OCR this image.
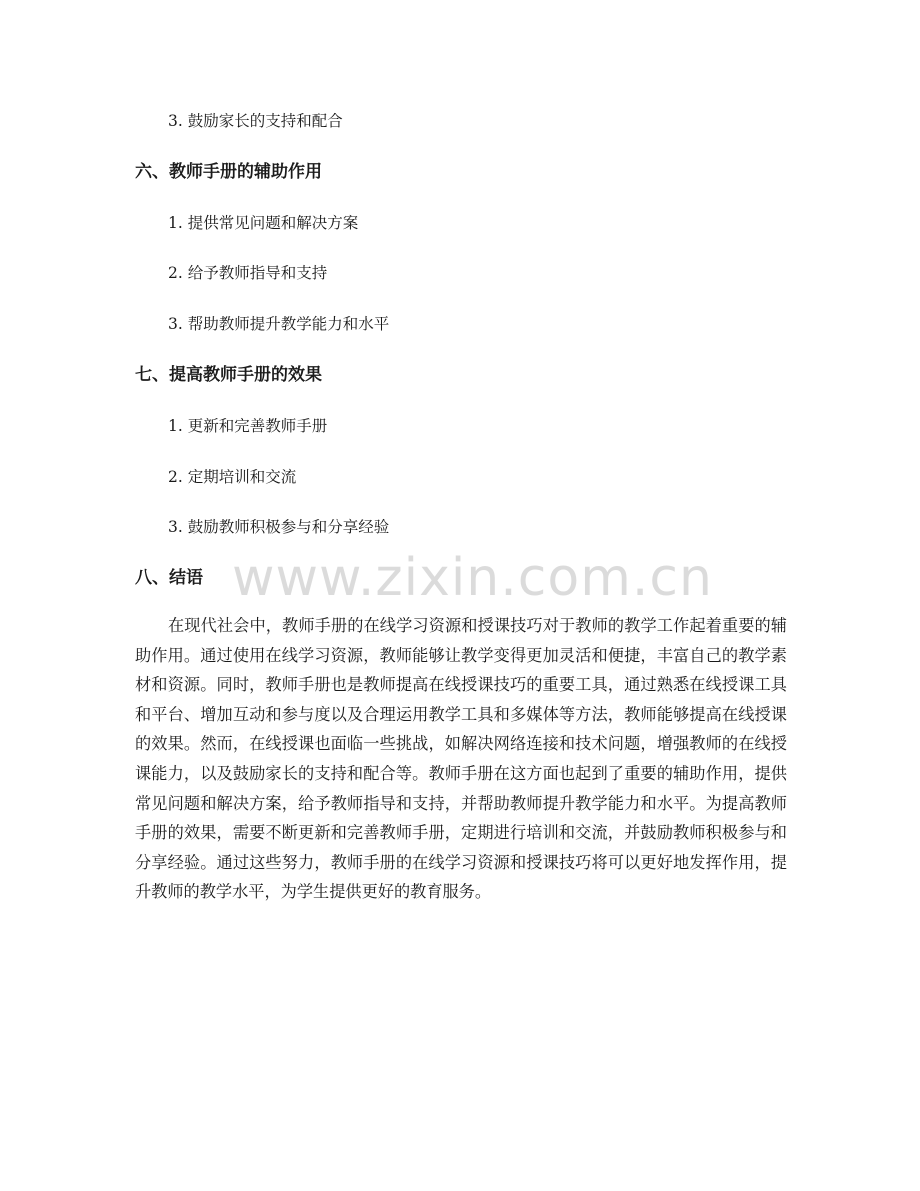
3. 鼓励家长的支持和配合
六、教师手册的辅助作用
1. 提供常见问题和解决方案
2. 给予教师指导和支持
3. 帮助教师提升教学能力和水平
七、提高教师手册的效果
1. 更新和完善教师手册
2. 定期培训和交流
3. 鼓励教师积极参与和分享经验
八、结语
在现代社会中，教师手册的在线学习资源和授课技巧对于教师的教学工作起着重要的辅助作用。通过使用在线学习资源，教师能够让教学变得更加灵活和便捷，丰富自己的教学素材和资源。同时，教师手册也是教师提高在线授课技巧的重要工具，通过熟悉在线授课工具和平台、增加互动和参与度以及合理运用教学工具和多媒体等方法，教师能够提高在线授课的效果。然而，在线授课也面临一些挑战，如解决网络连接和技术问题，增强教师的在线授课能力，以及鼓励家长的支持和配合等。教师手册在这方面也起到了重要的辅助作用，提供常见问题和解决方案，给予教师指导和支持，并帮助教师提升教学能力和水平。为提高教师手册的效果，需要不断更新和完善教师手册，定期进行培训和交流，并鼓励教师积极参与和分享经验。通过这些努力，教师手册的在线学习资源和授课技巧将可以更好地发挥作用，提升教师的教学水平，为学生提供更好的教育服务。
www.zixin.com.cn
